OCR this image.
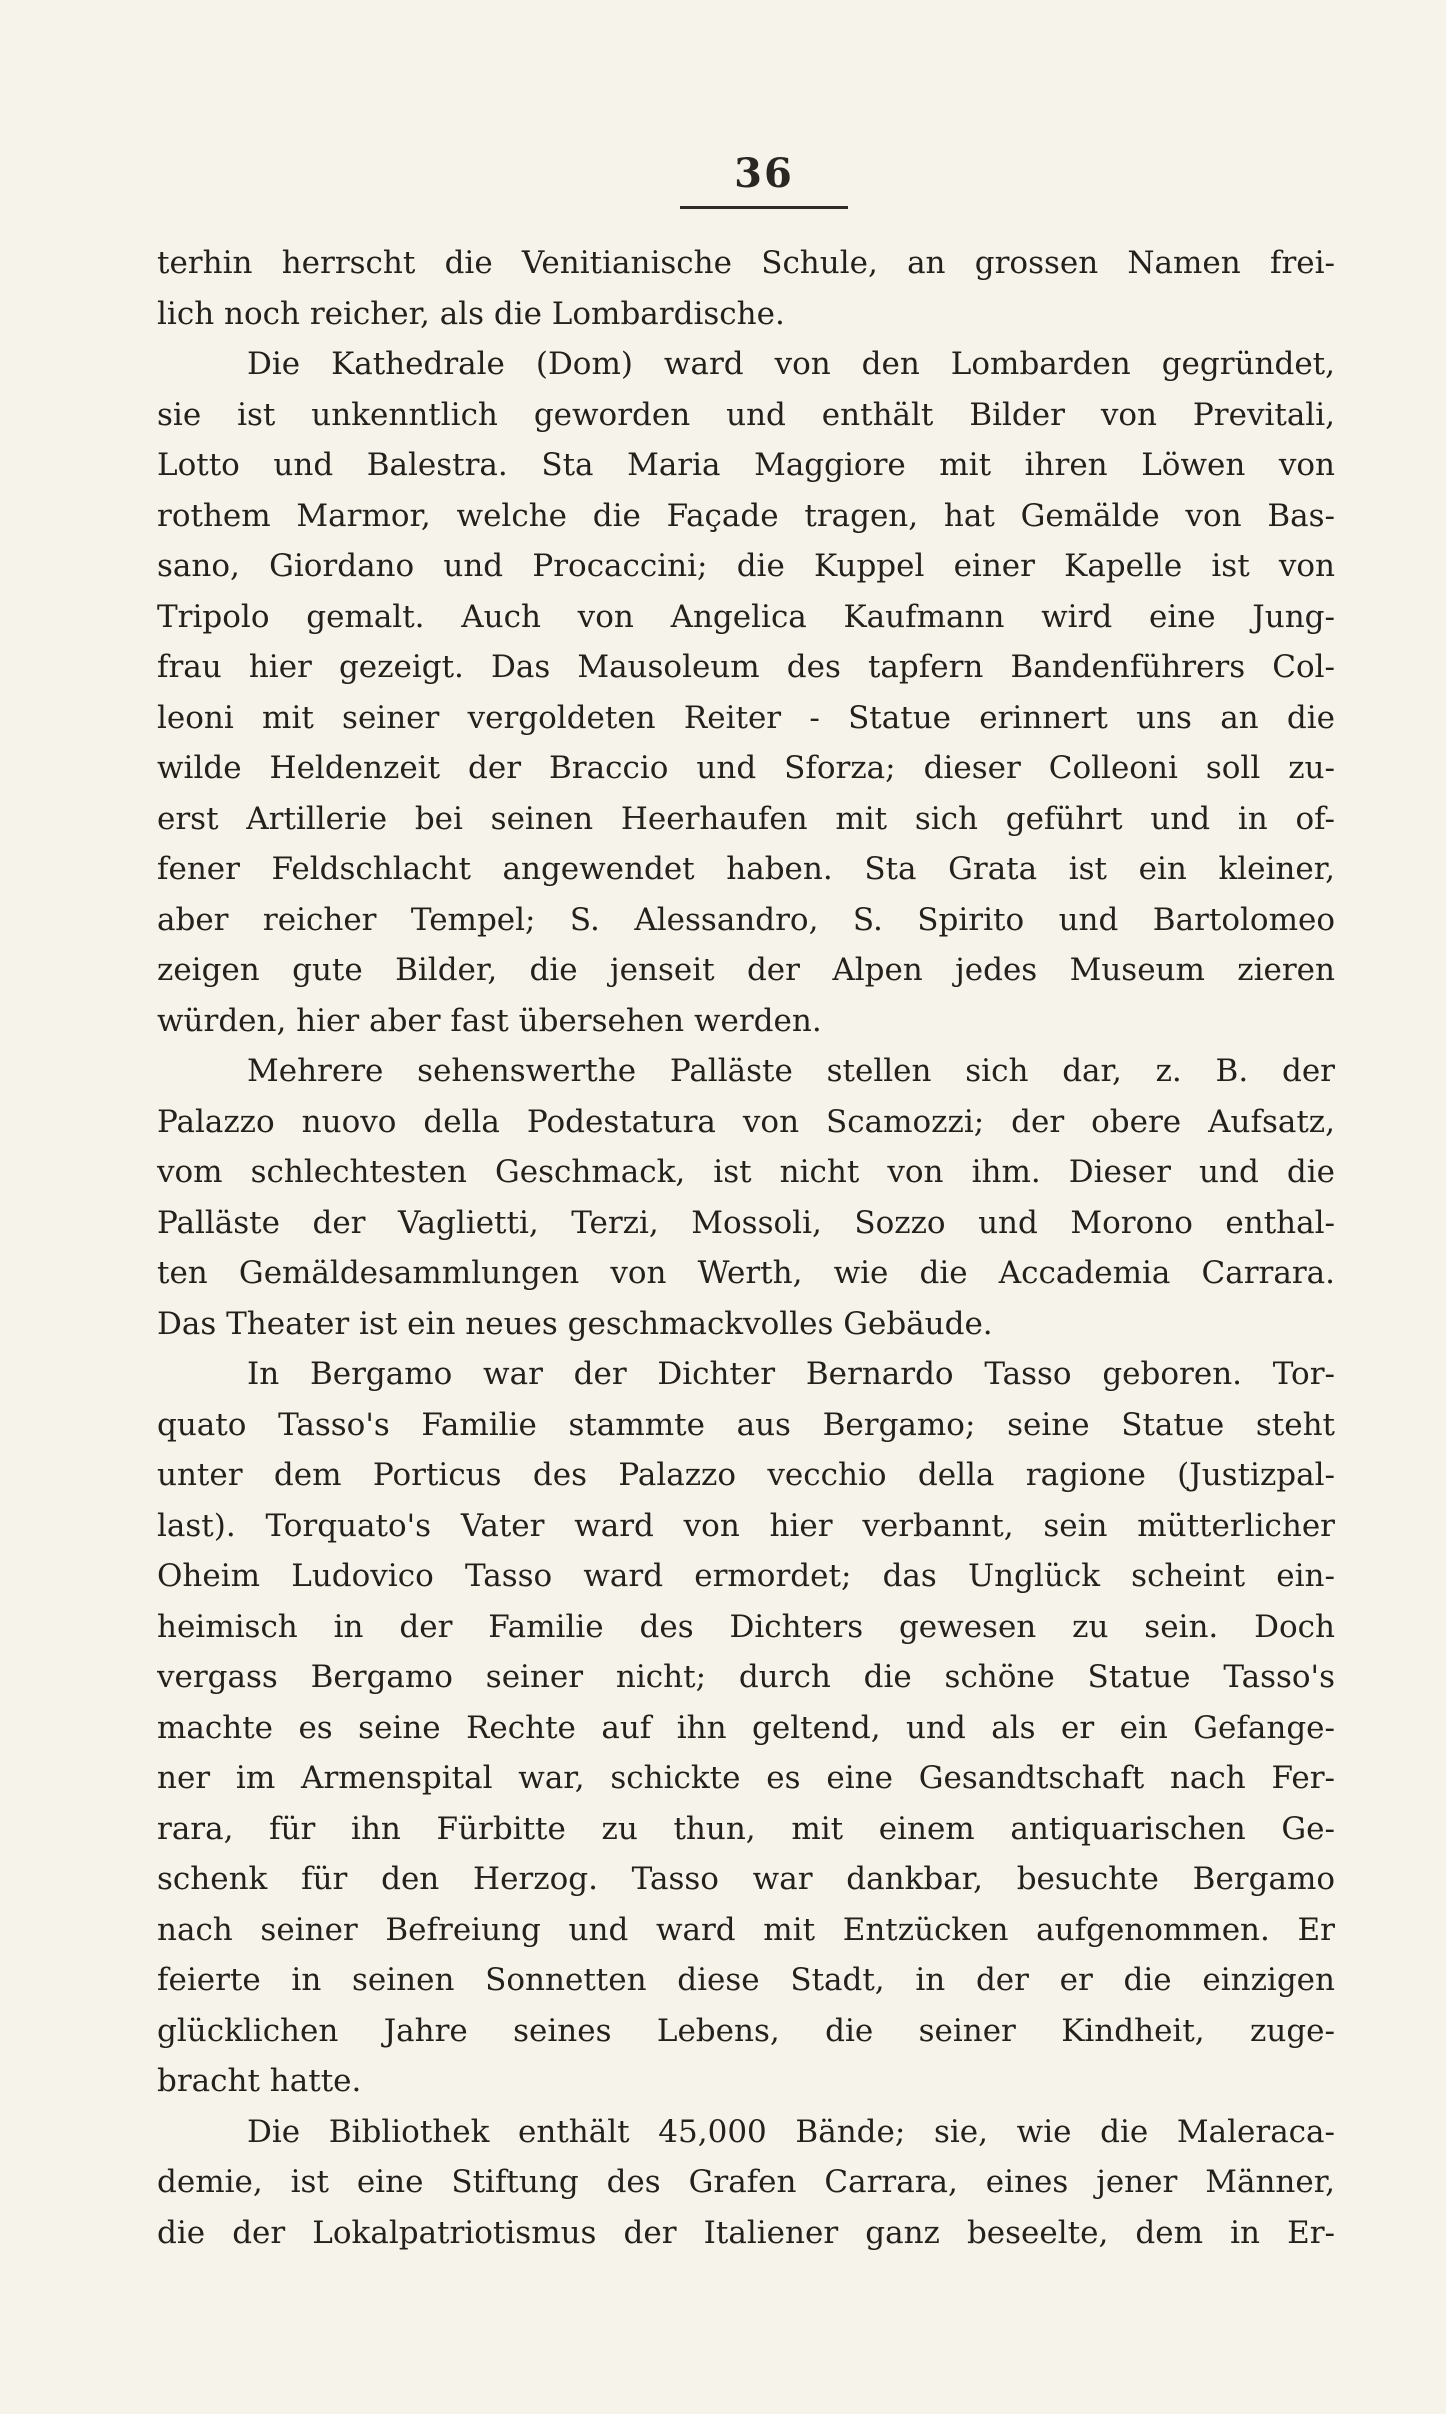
36
terhin herrscht die Venitianische Schule, an grossen Namen frei-
lich noch reicher, als die Lombardische.
Die Kathedrale (Dom) ward von den Lombarden gegründet,
sie ist unkenntlich geworden und enthält Bilder von Previtali,
Lotto und Balestra. Sta Maria Maggiore mit ihren Löwen von
rothem Marmor, welche die Façade tragen, hat Gemälde von Bas-
sano, Giordano und Procaccini; die Kuppel einer Kapelle ist von
Tripolo gemalt. Auch von Angelica Kaufmann wird eine Jung-
frau hier gezeigt. Das Mausoleum des tapfern Bandenführers Col-
leoni mit seiner vergoldeten Reiter - Statue erinnert uns an die
wilde Heldenzeit der Braccio und Sforza; dieser Colleoni soll zu-
erst Artillerie bei seinen Heerhaufen mit sich geführt und in of-
fener Feldschlacht angewendet haben. Sta Grata ist ein kleiner,
aber reicher Tempel; S. Alessandro, S. Spirito und Bartolomeo
zeigen gute Bilder, die jenseit der Alpen jedes Museum zieren
würden, hier aber fast übersehen werden.
Mehrere sehenswerthe Palläste stellen sich dar, z. B. der
Palazzo nuovo della Podestatura von Scamozzi; der obere Aufsatz,
vom schlechtesten Geschmack, ist nicht von ihm. Dieser und die
Palläste der Vaglietti, Terzi, Mossoli, Sozzo und Morono enthal-
ten Gemäldesammlungen von Werth, wie die Accademia Carrara.
Das Theater ist ein neues geschmackvolles Gebäude.
In Bergamo war der Dichter Bernardo Tasso geboren. Tor-
quato Tasso's Familie stammte aus Bergamo; seine Statue steht
unter dem Porticus des Palazzo vecchio della ragione (Justizpal-
last). Torquato's Vater ward von hier verbannt, sein mütterlicher
Oheim Ludovico Tasso ward ermordet; das Unglück scheint ein-
heimisch in der Familie des Dichters gewesen zu sein. Doch
vergass Bergamo seiner nicht; durch die schöne Statue Tasso's
machte es seine Rechte auf ihn geltend, und als er ein Gefange-
ner im Armenspital war, schickte es eine Gesandtschaft nach Fer-
rara, für ihn Fürbitte zu thun, mit einem antiquarischen Ge-
schenk für den Herzog. Tasso war dankbar, besuchte Bergamo
nach seiner Befreiung und ward mit Entzücken aufgenommen. Er
feierte in seinen Sonnetten diese Stadt, in der er die einzigen
glücklichen Jahre seines Lebens, die seiner Kindheit, zuge-
bracht hatte.
Die Bibliothek enthält 45,000 Bände; sie, wie die Maleraca-
demie, ist eine Stiftung des Grafen Carrara, eines jener Männer,
die der Lokalpatriotismus der Italiener ganz beseelte, dem in Er-
